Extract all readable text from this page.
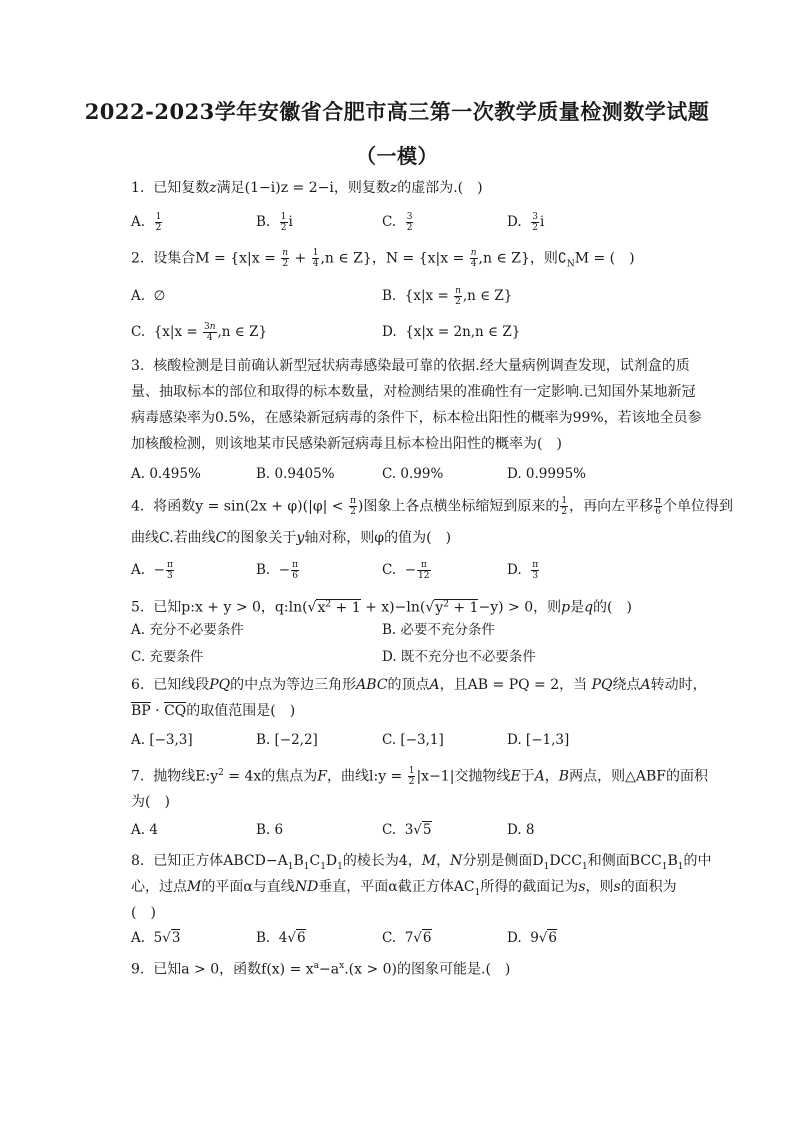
2022-2023学年安徽省合肥市高三第一次教学质量检测数学试题
（一模）
1.  已知复数z满足(1−i)z = 2−i，则复数z的虚部为.(　)
A. $\frac{1}{2}$	B. $\frac{1}{2}$ i	C. $\frac{3}{2}$	D. $\frac{3}{2}$ i
2.  设集合$M = \{x|x = \frac{n}{2} + \frac{1}{4} ,n$ ∈ Z}，$N = \{x|x = \frac{n}{4} ,n$ ∈ Z}，则$∁_NM$ = (　)
A.  ∅	B.  {$x|x = \frac{n}{2} ,n$ ∈ Z}
C.  {$x|x = \frac{3n}{4} ,n$ ∈ Z}	D.  {x|x = 2n,n ∈ Z}
3. 核酸检测是目前确认新型冠状病毒感染最可靠的依据.经大量病例调查发现，试剂盒的质
量、抽取标本的部位和取得的标本数量，对检测结果的准确性有一定影响.已知国外某地新冠
病毒感染率为0.5%，在感染新冠病毒的条件下，标本检出阳性的概率为99%，若该地全员参
加核酸检测，则该地某市民感染新冠病毒且标本检出阳性的概率为(　)
A. 0.495%	B. 0.9405%	C. 0.99%	D. 0.9995%
4.  将函数$y = \sin(2x + \varphi)(|\varphi| < \frac{\pi}{2}$ )图象上各点横坐标缩短到原来的 $\frac{1}{2}$ ，再向左平移 $\frac{\pi}{6}$ 个单位得到
曲线C.若曲线C的图象关于y轴对称，则φ的值为(　)
A.  − $\frac{\pi}{3}$	B.  − $\frac{\pi}{6}$	C.  − $\frac{\pi}{12}$	D. $\frac{\pi}{3}$
5.  已知p:x + y > 0，$q:\ln(√x^2 + 1 + x)-\ln(√y^2 + 1-y) > 0$，则p是q的(　)
A. 充分不必要条件	B. 必要不充分条件
C. 充要条件	D. 既不充分也不必要条件
6.  已知线段PQ的中点为等边三角形ABC的顶点A，且AB = PQ = 2，当 PQ绕点A转动时，
BP · CQ的取值范围是(　)
A. [−3,3]	B. [−2,2]	C. [−3,1]	D. [−1,3]
7.  抛物线$E:y^2 = 4x$的焦点为F，曲线l:y = $\frac{1}{2} |x-1|$交抛物线E于A，B两点，则△ABF的面积
为(　)
A. 4	B. 6	C.  3√5	D. 8
8.  已知正方体$ABCD-A_1B_1C_1D_1$的棱长为4，M，N分别是侧面$D_1DCC_1$和侧面$BCC_1B_1$的中
心，过点M的平面α与直线ND垂直，平面α截正方体$AC_1$所得的截面记为s，则s的面积为
(　)
A.  5√3	B.  4√6	C.  7√6	D.  9√6
9.  已知a > 0，函数$f(x) = x^a-a^x.(x > 0)$的图象可能是.(　)
